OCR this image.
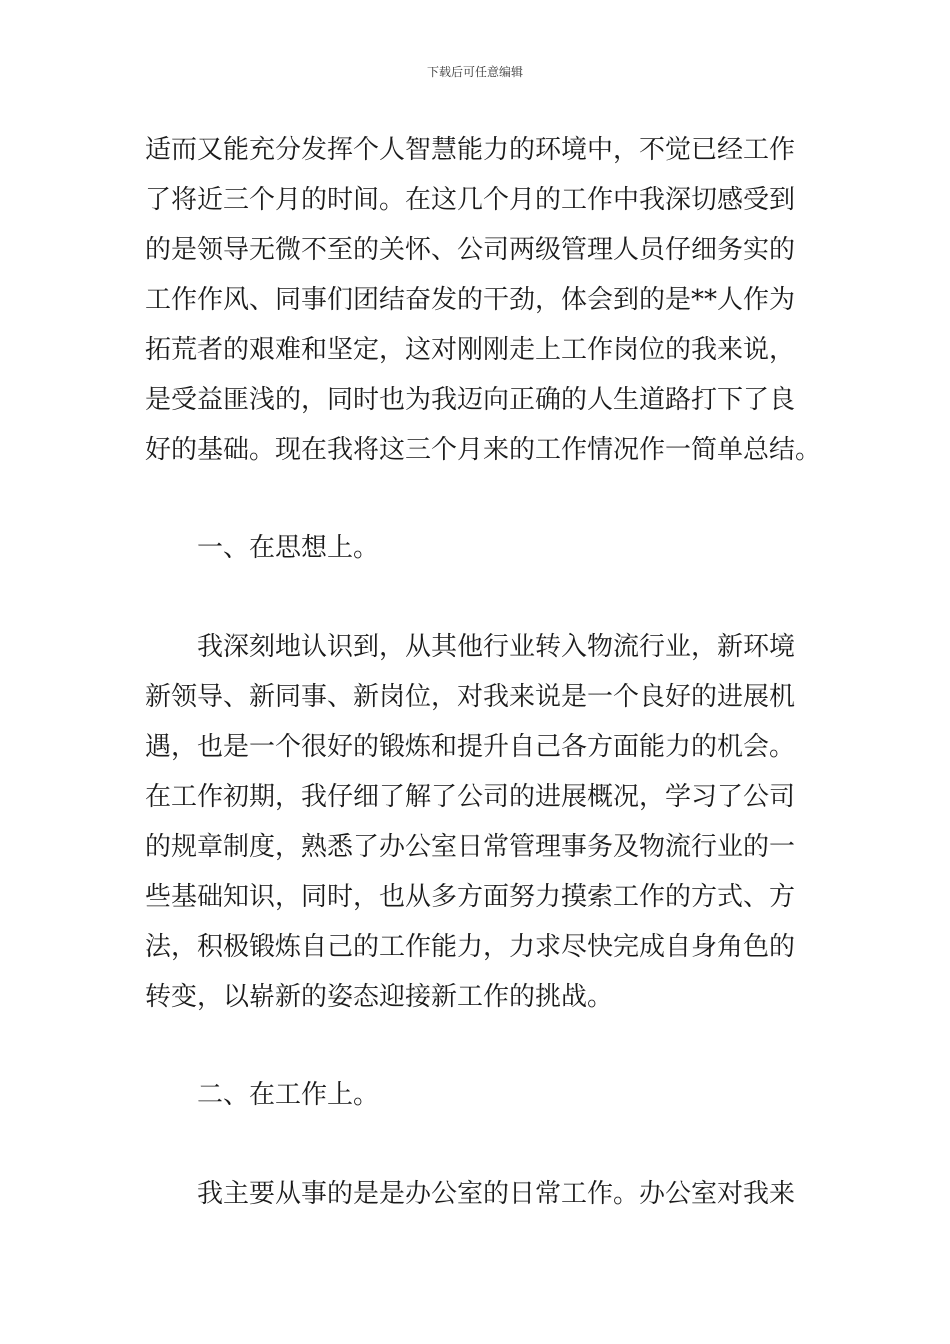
下载后可任意编辑
适而又能充分发挥个人智慧能力的环境中，不觉已经工作
了将近三个月的时间。在这几个月的工作中我深切感受到
的是领导无微不至的关怀、公司两级管理人员仔细务实的
工作作风、同事们团结奋发的干劲，体会到的是**人作为
拓荒者的艰难和坚定，这对刚刚走上工作岗位的我来说，
是受益匪浅的，同时也为我迈向正确的人生道路打下了良
好的基础。现在我将这三个月来的工作情况作一简单总结。
一、在思想上。
我深刻地认识到，从其他行业转入物流行业，新环境
新领导、新同事、新岗位，对我来说是一个良好的进展机
遇，也是一个很好的锻炼和提升自己各方面能力的机会。
在工作初期，我仔细了解了公司的进展概况，学习了公司
的规章制度，熟悉了办公室日常管理事务及物流行业的一
些基础知识，同时，也从多方面努力摸索工作的方式、方
法，积极锻炼自己的工作能力，力求尽快完成自身角色的
转变，以崭新的姿态迎接新工作的挑战。
二、在工作上。
我主要从事的是是办公室的日常工作。办公室对我来
